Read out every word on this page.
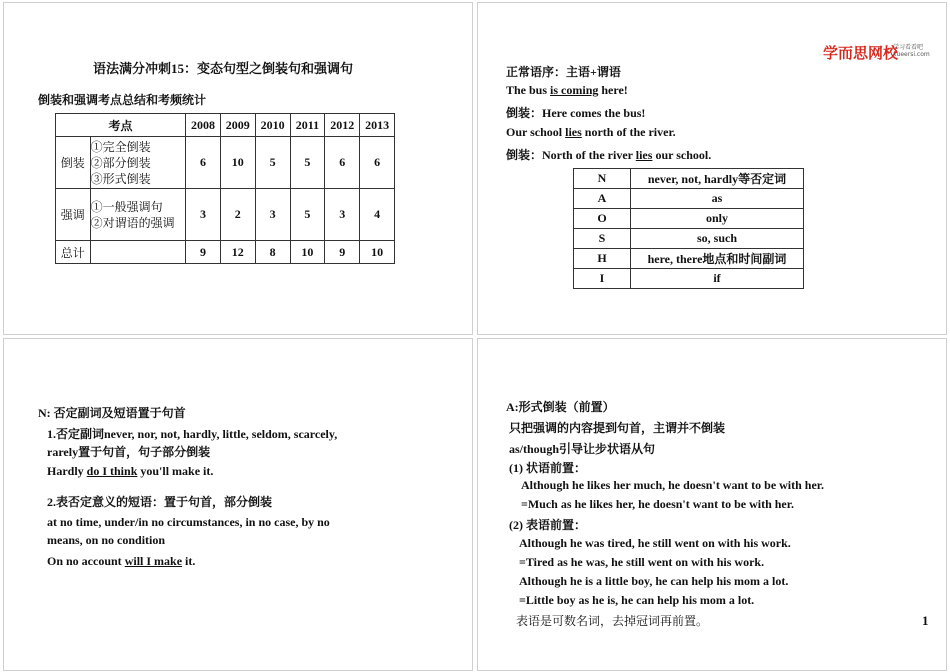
语法满分冲刺15：变态句型之倒装句和强调句
倒装和强调考点总结和考频统计
考点		2008	2009	2010	2011	2012	2013
倒装	①完全倒装
②部分倒装
③形式倒装	6	10	5	5	6	6
强调	①一般强调句
②对谓语的强调	3	2	3	5	3	4
总计		9	12	8	10	9	10
学而思网校
学习看看吧
xueersi.com
正常语序：主语+谓语
The bus is coming here!
倒装：Here comes the bus!
Our school lies north of the river.
倒装：North of the river lies our school.
N	never, not, hardly等否定词
A	as
O	only
S	so, such
H	here, there地点和时间副词
I	if
N: 否定副词及短语置于句首
1.否定副词never, nor, not, hardly, little, seldom, scarcely,
rarely置于句首，句子部分倒装
Hardly do I think you'll make it.
2.表否定意义的短语：置于句首，部分倒装
at no time, under/in no circumstances, in no case, by no
means, on no condition
On no account will I make it.
A:形式倒装（前置）
只把强调的内容提到句首，主谓并不倒装
as/though引导让步状语从句
(1) 状语前置：
Although he likes her much, he doesn't want to be with her.
=Much as he likes her, he doesn't want to be with her.
(2) 表语前置：
Although he was tired, he still went on with his work.
=Tired as he was, he still went on with his work.
Although he is a little boy, he can help his mom a lot.
=Little boy as he is, he can help his mom a lot.
表语是可数名词，去掉冠词再前置。	1
